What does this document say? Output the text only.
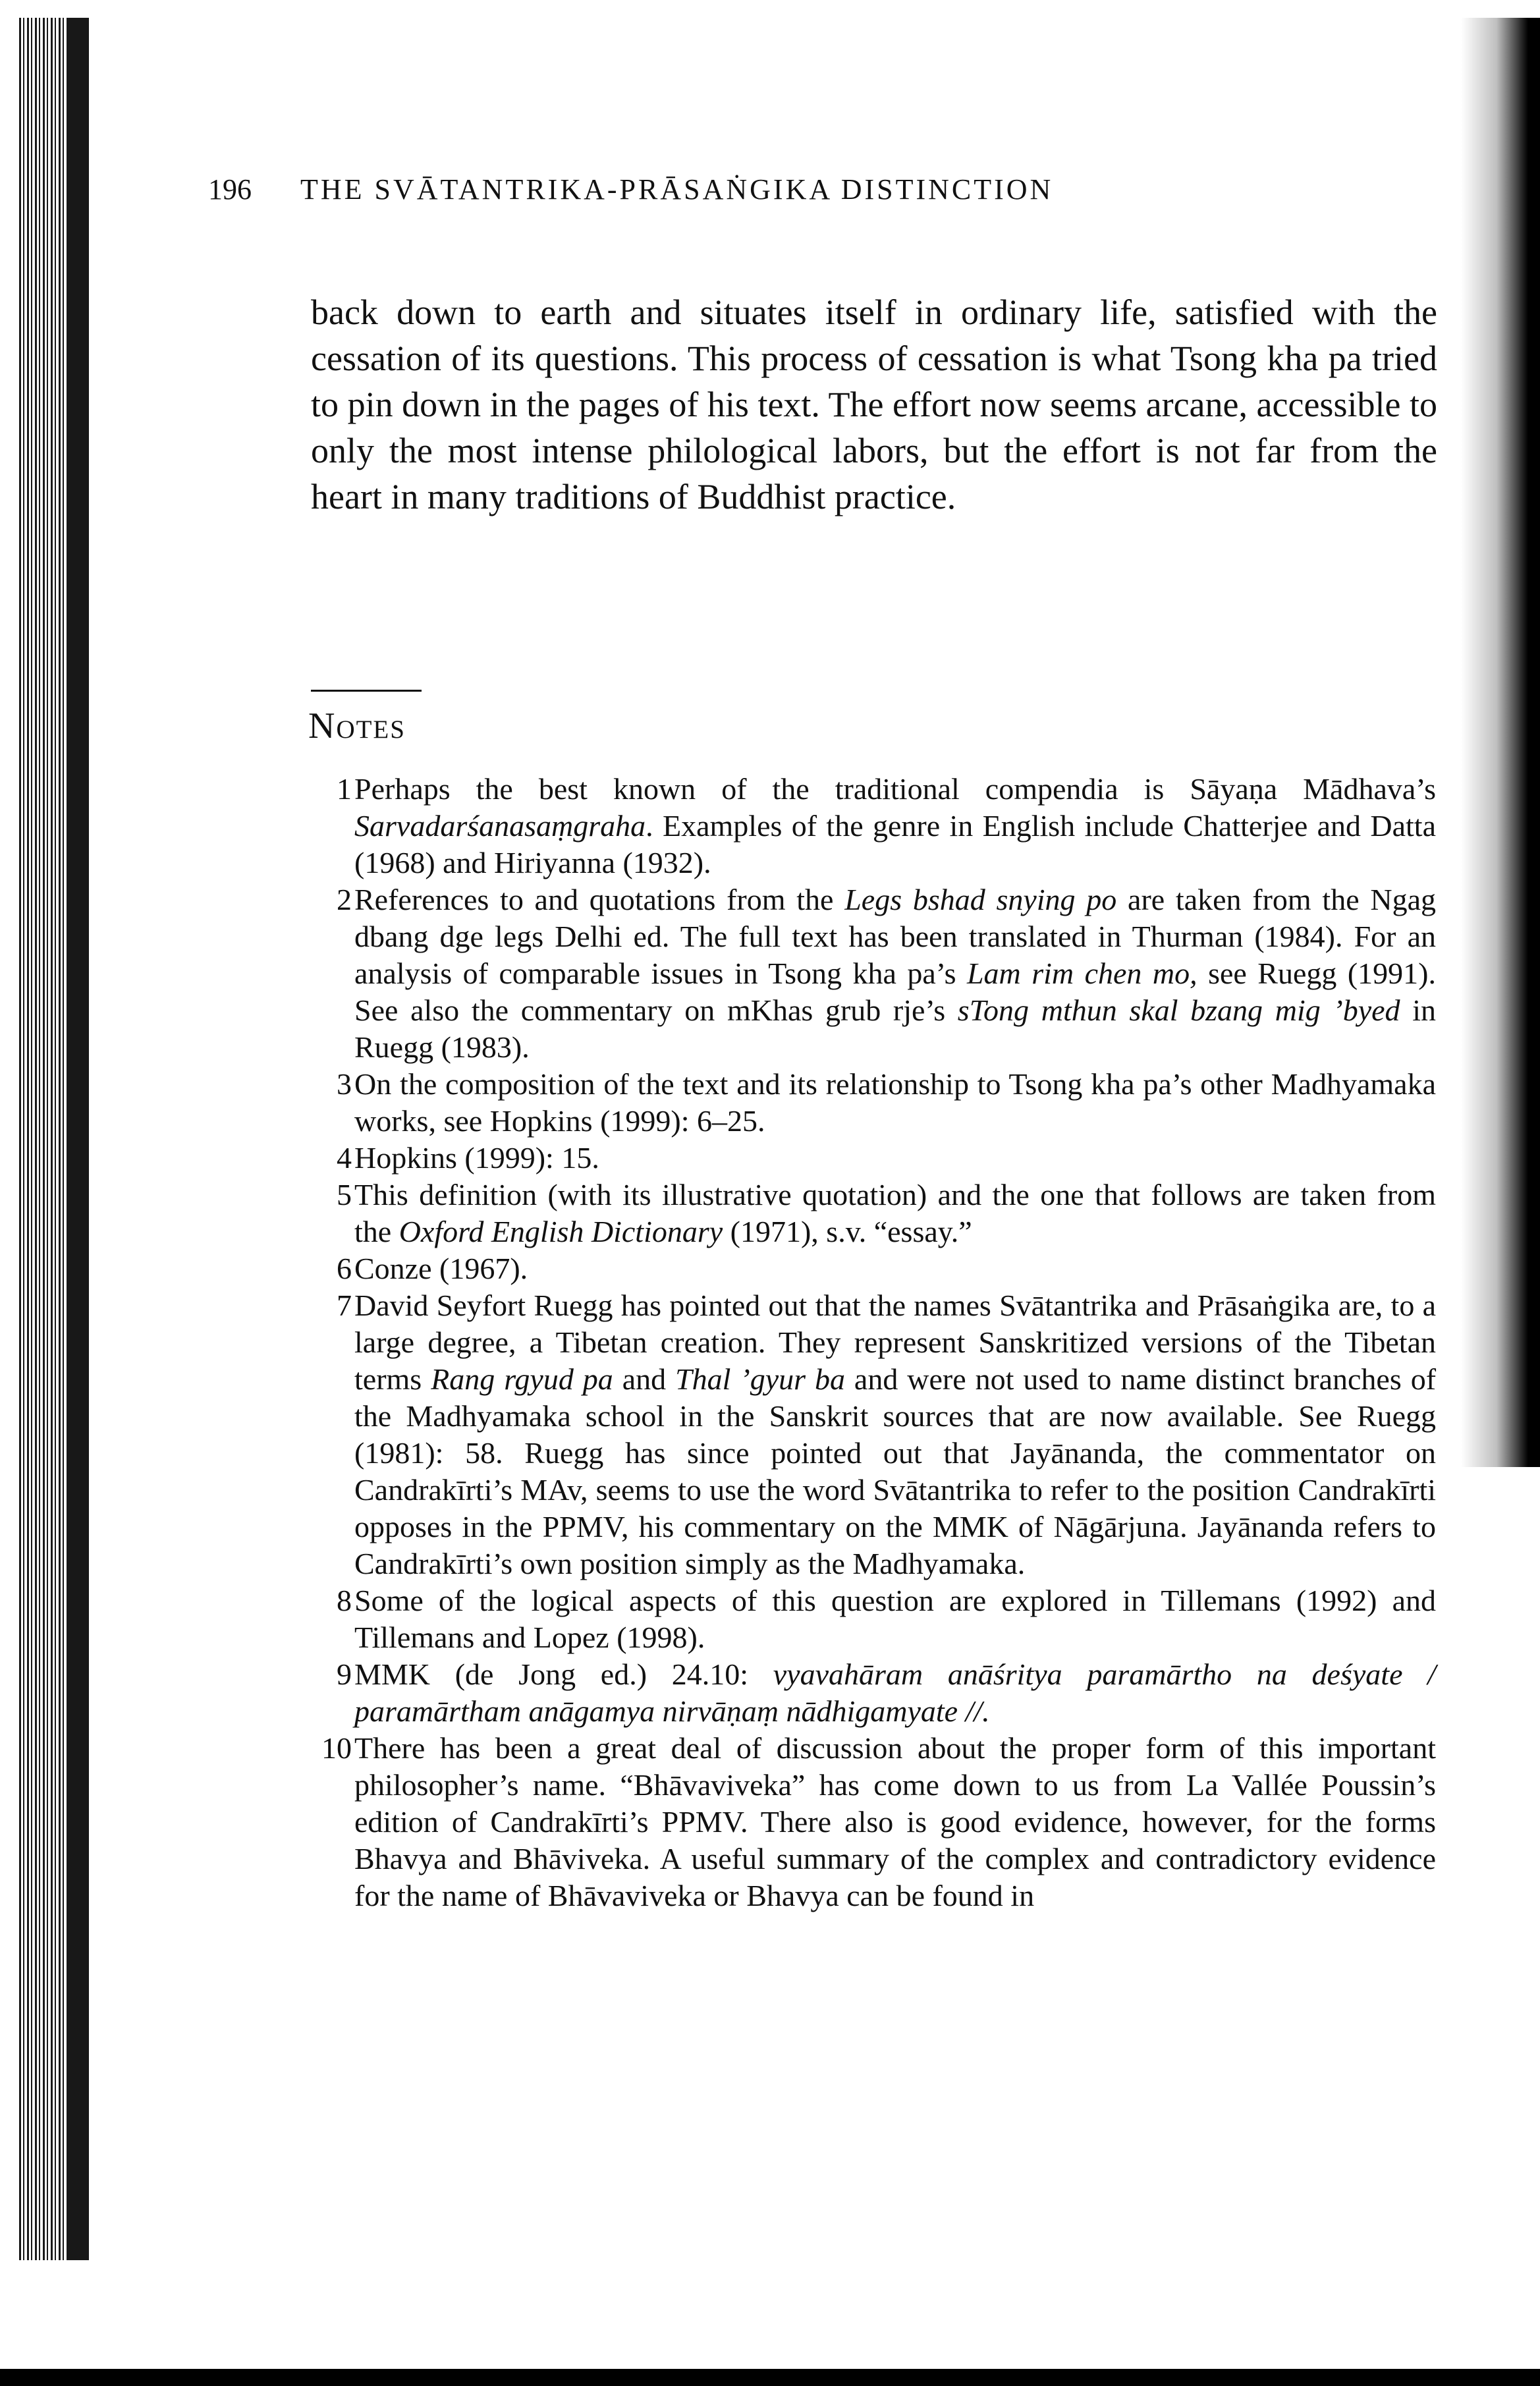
196 THE SVĀTANTRIKA-PRĀSAṄGIKA DISTINCTION

back down to earth and situates itself in ordinary life, satisfied with the cessation of its questions. This process of cessation is what Tsong kha pa tried to pin down in the pages of his text. The effort now seems arcane, accessible to only the most intense philological labors, but the effort is not far from the heart in many traditions of Buddhist practice.

Notes

1 Perhaps the best known of the traditional compendia is Sāyaṇa Mādhava’s Sarvadarśanasaṃgraha. Examples of the genre in English include Chatterjee and Datta (1968) and Hiriyanna (1932).

2 References to and quotations from the Legs bshad snying po are taken from the Ngag dbang dge legs Delhi ed. The full text has been translated in Thurman (1984). For an analysis of comparable issues in Tsong kha pa’s Lam rim chen mo, see Ruegg (1991). See also the commentary on mKhas grub rje’s sTong mthun skal bzang mig ’byed in Ruegg (1983).

3 On the composition of the text and its relationship to Tsong kha pa’s other Madhyamaka works, see Hopkins (1999): 6–25.

4 Hopkins (1999): 15.

5 This definition (with its illustrative quotation) and the one that follows are taken from the Oxford English Dictionary (1971), s.v. “essay.”

6 Conze (1967).

7 David Seyfort Ruegg has pointed out that the names Svātantrika and Prāsaṅgika are, to a large degree, a Tibetan creation. They represent Sanskritized versions of the Tibetan terms Rang rgyud pa and Thal ’gyur ba and were not used to name distinct branches of the Madhyamaka school in the Sanskrit sources that are now available. See Ruegg (1981): 58. Ruegg has since pointed out that Jayānanda, the commentator on Candrakīrti’s MAv, seems to use the word Svātantrika to refer to the position Candrakīrti opposes in the PPMV, his commentary on the MMK of Nāgārjuna. Jayānanda refers to Candrakīrti’s own position simply as the Madhyamaka.

8 Some of the logical aspects of this question are explored in Tillemans (1992) and Tillemans and Lopez (1998).

9 MMK (de Jong ed.) 24.10: vyavahāram anāśritya paramārtho na deśyate / paramārtham anāgamya nirvāṇaṃ nādhigamyate //.

10 There has been a great deal of discussion about the proper form of this important philosopher’s name. “Bhāvaviveka” has come down to us from La Vallée Poussin’s edition of Candrakīrti’s PPMV. There also is good evidence, however, for the forms Bhavya and Bhāviveka. A useful summary of the complex and contradictory evidence for the name of Bhāvaviveka or Bhavya can be found in
